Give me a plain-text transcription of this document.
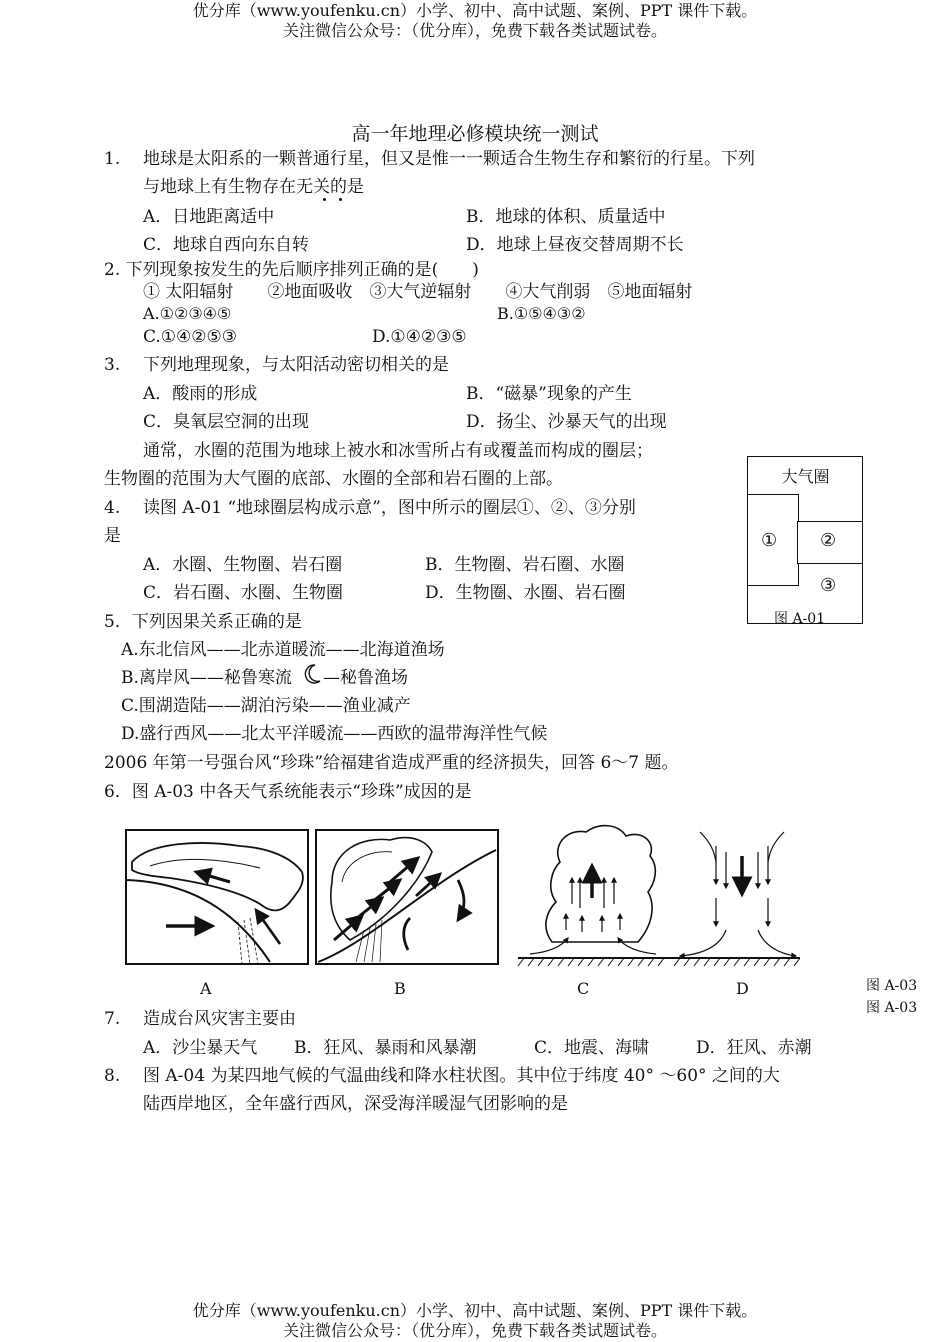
优分库（www.youfenku.cn）小学、初中、高中试题、案例、PPT 课件下载。
关注微信公众号：（优分库），免费下载各类试题试卷。
高一年地理必修模块统一测试
1. 地球是太阳系的一颗普通行星，但又是惟一一颗适合生物生存和繁衍的行星。下列
与地球上有生物存在无关的是
A．日地距离适中	B．地球的体积、质量适中
C．地球自西向东自转	D．地球上昼夜交替周期不长
2. 下列现象按发生的先后顺序排列正确的是(　　)
① 太阳辐射　　②地面吸收　③大气逆辐射　　④大气削弱　⑤地面辐射
A.①②③④⑤	B.①⑤④③②
C.①④②⑤③	D.①④②③⑤
3. 下列地理现象，与太阳活动密切相关的是
A．酸雨的形成	B．“磁暴”现象的产生
C．臭氧层空洞的出现	D．扬尘、沙暴天气的出现
通常，水圈的范围为地球上被水和冰雪所占有或覆盖而构成的圈层；
生物圈的范围为大气圈的底部、水圈的全部和岩石圈的上部。
4. 读图 A-01 “地球圈层构成示意”，图中所示的圈层①、②、③分别
是
A．水圈、生物圈、岩石圈	B．生物圈、岩石圈、水圈
C．岩石圈、水圈、生物圈	D．生物圈、水圈、岩石圈
大气圈
① ②
③
图 A-01
5．下列因果关系正确的是
A.东北信风——北赤道暖流——北海道渔场
B.离岸风——秘鲁寒流 —秘鲁渔场
C.围湖造陆——湖泊污染——渔业减产
D.盛行西风——北太平洋暖流——西欧的温带海洋性气候
2006 年第一号强台风“珍珠”给福建省造成严重的经济损失，回答 6～7 题。
6．图 A-03 中各天气系统能表示“珍珠”成因的是
A	B	C	D	图 A-03
图 A-03
7. 造成台风灾害主要由
A．沙尘暴天气 B．狂风、暴雨和风暴潮	C．地震、海啸	D．狂风、赤潮
8. 图 A-04 为某四地气候的气温曲线和降水柱状图。其中位于纬度 40° ～60° 之间的大
陆西岸地区，全年盛行西风，深受海洋暖湿气团影响的是
优分库（www.youfenku.cn）小学、初中、高中试题、案例、PPT 课件下载。
关注微信公众号：（优分库），免费下载各类试题试卷。
